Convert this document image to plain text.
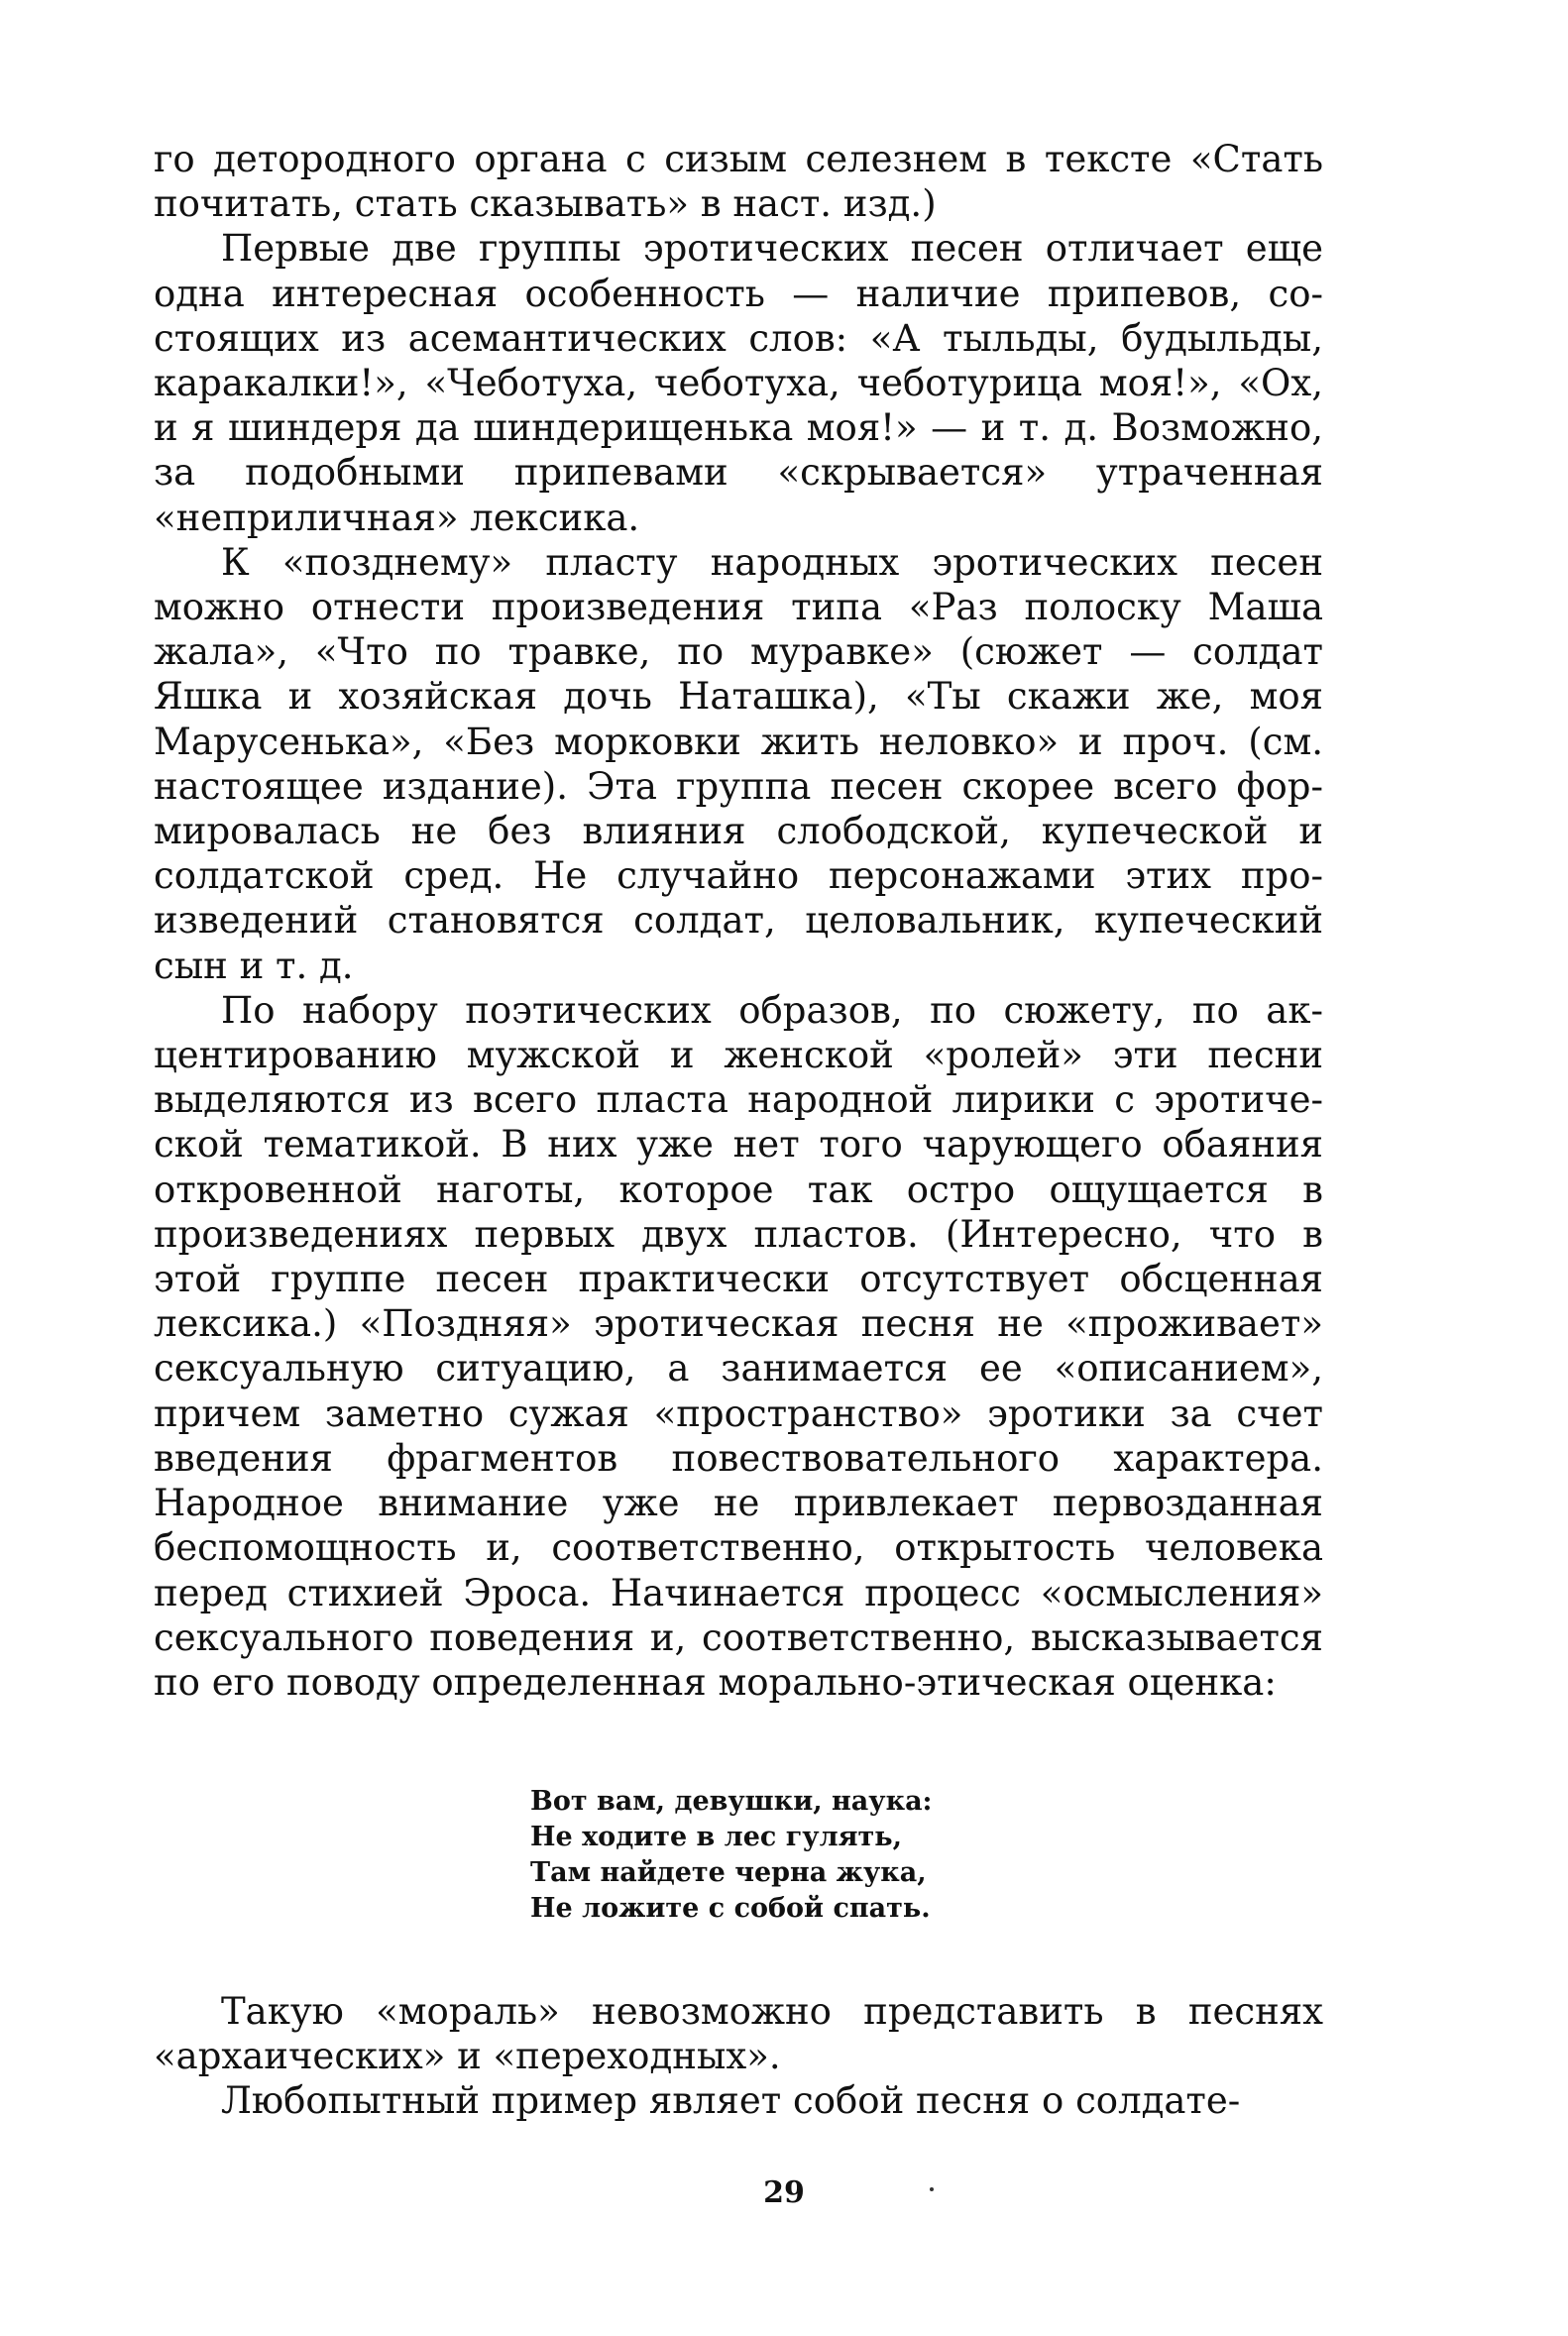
го детородного органа с сизым селезнем в тексте «Стать почитать, стать сказывать» в наст. изд.)

Первые две группы эротических песен отличает еще одна интересная особенность — наличие припевов, состоящих из асемантических слов: «А тыльды, будыльды, каракалки!», «Чеботуха, чеботуха, чеботурица моя!», «Ох, и я шиндеря да шиндерищенька моя!» — и т. д. Возможно, за подобными припевами «скрывается» утраченная «неприличная» лексика.

К «позднему» пласту народных эротических песен можно отнести произведения типа «Раз полоску Маша жала», «Что по травке, по муравке» (сюжет — солдат Яшка и хозяйская дочь Наташка), «Ты скажи же, моя Марусенька», «Без морковки жить неловко» и проч. (см. настоящее издание). Эта группа песен скорее всего формировалась не без влияния слободской, купеческой и солдатской сред. Не случайно персонажами этих произведений становятся солдат, целовальник, купеческий сын и т. д.

По набору поэтических образов, по сюжету, по акцентированию мужской и женской «ролей» эти песни выделяются из всего пласта народной лирики с эротической тематикой. В них уже нет того чарующего обаяния откровенной наготы, которое так остро ощущается в произведениях первых двух пластов. (Интересно, что в этой группе песен практически отсутствует обсценная лексика.) «Поздняя» эротическая песня не «проживает» сексуальную ситуацию, а занимается ее «описанием», причем заметно сужая «пространство» эротики за счет введения фрагментов повествовательного характера. Народное внимание уже не привлекает первозданная беспомощность и, соответственно, открытость человека перед стихией Эроса. Начинается процесс «осмысления» сексуального поведения и, соответственно, высказывается по его поводу определенная морально-этическая оценка:

Вот вам, девушки, наука:
Не ходите в лес гулять,
Там найдете черна жука,
Не ложите с собой спать.

Такую «мораль» невозможно представить в песнях «архаических» и «переходных».

Любопытный пример являет собой песня о солдате-

29
